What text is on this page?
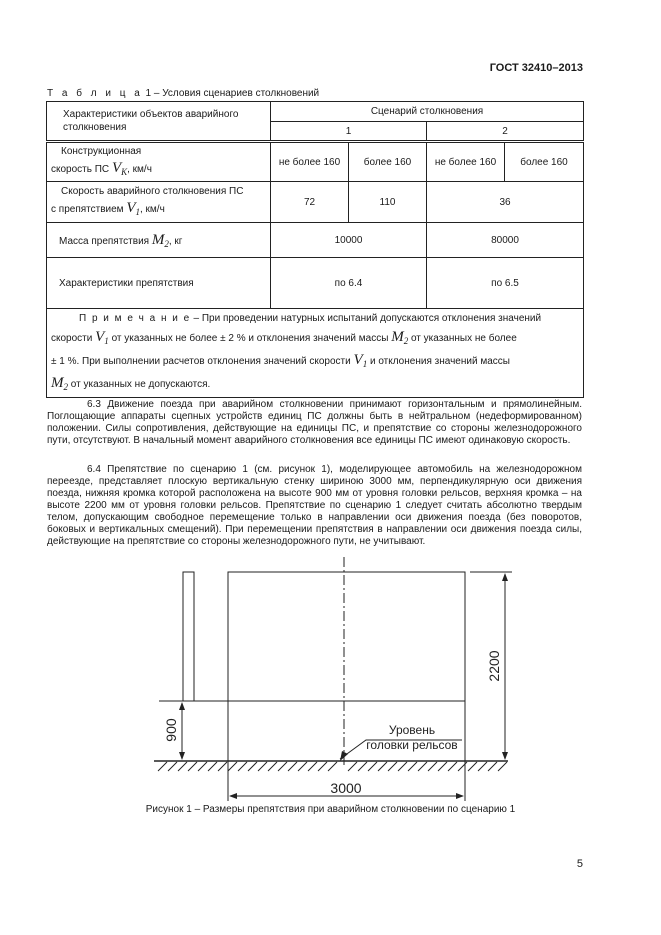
ГОСТ 32410–2013
Т а б л и ц а 1 – Условия сценариев столкновений
Характеристики объектов аварийного столкновения	Сценарий столкновения			
	1		2	

Конструкционная
скорость ПС $V_K$, км/ч	не более 160	более 160	не более 160	более 160

Скорость аварийного столкновения ПС
с препятствием $V_1$, км/ч	72	110	36	
Масса препятствия $M_2$, кг	10000		80000	
Характеристики препятствия	по 6.4		по 6.5	

П р и м е ч а н и е – При проведении натурных испытаний допускаются отклонения значений
скорости $V_1$ от указанных не более ± 2 % и отклонения значений массы $M_2$ от указанных не более
± 1 %. При выполнении расчетов отклонения значений скорости $V_1$ и отклонения значений массы
$M_2$ от указанных не допускаются.				

6.3 Движение поезда при аварийном столкновении принимают горизонтальным и прямолинейным. Поглощающие аппараты сцепных устройств единиц ПС должны быть в нейтральном (недеформированном) положении. Силы сопротивления, действующие на единицы ПС, и препятствие со стороны железнодорожного пути, отсутствуют. В начальный момент аварийного столкновения все единицы ПС имеют одинаковую скорость.

6.4 Препятствие по сценарию 1 (см. рисунок 1), моделирующее автомобиль на железнодорожном переезде, представляет плоскую вертикальную стенку шириною 3000 мм, перпендикулярную оси движения поезда, нижняя кромка которой расположена на высоте 900 мм от уровня головки рельсов, верхняя кромка – на высоте 2200 мм от уровня головки рельсов. Препятствие по сценарию 1 следует считать абсолютно твердым телом, допускающим свободное перемещение только в направлении оси движения поезда (без поворотов, боковых и вертикальных смещений). При перемещении препятствия в направлении оси движения поезда силы, действующие на препятствие со стороны железнодорожного пути, не учитывают.

2200
900
3000
Уровень
головки рельсов
Рисунок 1 – Размеры препятствия при аварийном столкновении по сценарию 1
5
